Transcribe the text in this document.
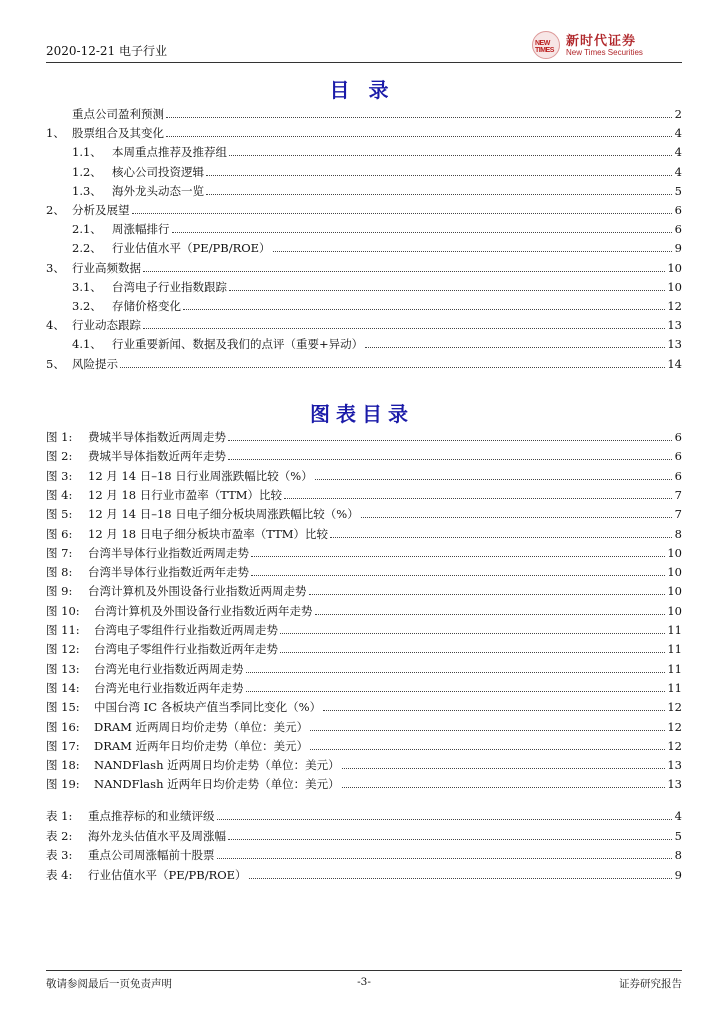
2020-12-21 电子行业
NEW TIMES
新时代证券
New Times Securities
目 录
重点公司盈利预测	2
1、 股票组合及其变化	4
1.1、 本周重点推荐及推荐组	4
1.2、 核心公司投资逻辑	4
1.3、 海外龙头动态一览	5
2、 分析及展望	6
2.1、 周涨幅排行	6
2.2、 行业估值水平（PE/PB/ROE）	9
3、 行业高频数据	10
3.1、 台湾电子行业指数跟踪	10
3.2、 存储价格变化	12
4、 行业动态跟踪	13
4.1、 行业重要新闻、数据及我们的点评（重要+异动）	13
5、 风险提示	14
图表目录
图 1:	费城半导体指数近两周走势	6
图 2:	费城半导体指数近两年走势	6
图 3:	12 月 14 日–18 日行业周涨跌幅比较（%）	6
图 4:	12 月 18 日行业市盈率（TTM）比较	7
图 5:	12 月 14 日–18 日电子细分板块周涨跌幅比较（%）	7
图 6:	12 月 18 日电子细分板块市盈率（TTM）比较	8
图 7:	台湾半导体行业指数近两周走势	10
图 8:	台湾半导体行业指数近两年走势	10
图 9:	台湾计算机及外围设备行业指数近两周走势	10
图 10:	台湾计算机及外围设备行业指数近两年走势	10
图 11:	台湾电子零组件行业指数近两周走势	11
图 12:	台湾电子零组件行业指数近两年走势	11
图 13:	台湾光电行业指数近两周走势	11
图 14:	台湾光电行业指数近两年走势	11
图 15:	中国台湾 IC 各板块产值当季同比变化（%）	12
图 16:	DRAM 近两周日均价走势（单位：美元）	12
图 17:	DRAM 近两年日均价走势（单位：美元）	12
图 18:	NANDFlash 近两周日均价走势（单位：美元）	13
图 19:	NANDFlash 近两年日均价走势（单位：美元）	13
表 1:	重点推荐标的和业绩评级	4
表 2:	海外龙头估值水平及周涨幅	5
表 3:	重点公司周涨幅前十股票	8
表 4:	行业估值水平（PE/PB/ROE）	9
敬请参阅最后一页免责声明	-3-	证券研究报告
